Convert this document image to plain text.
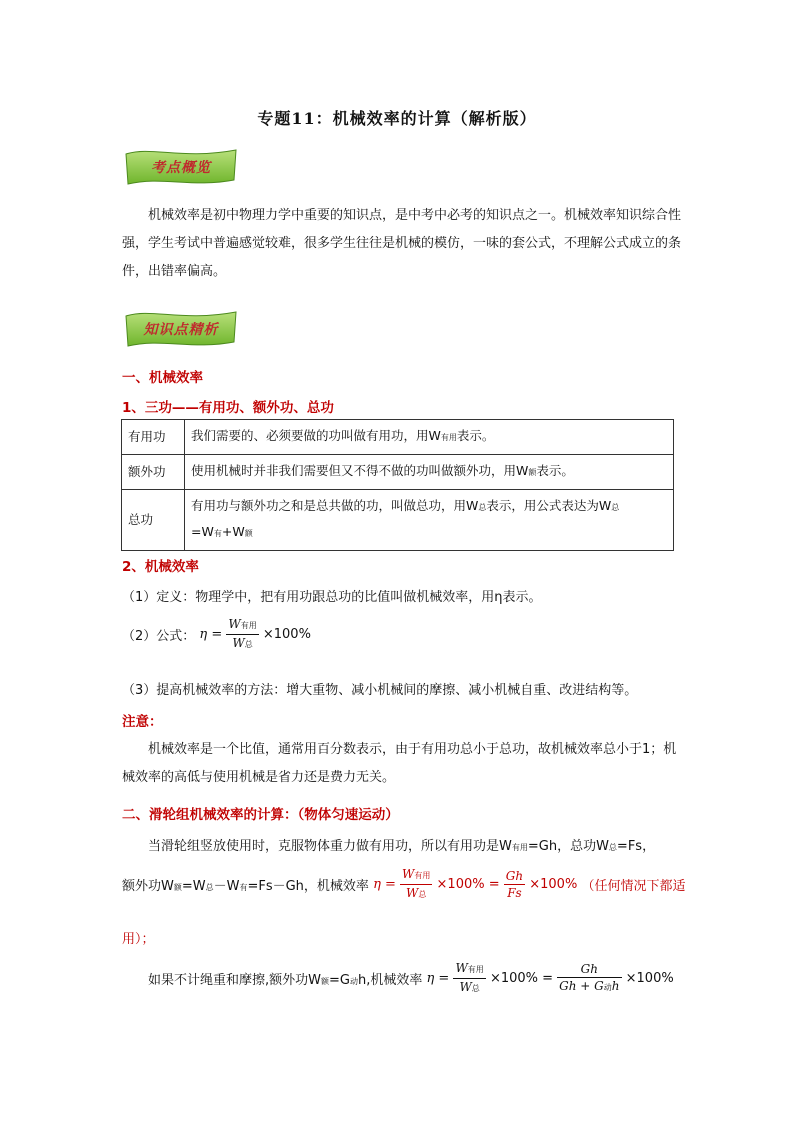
专题11：机械效率的计算（解析版）
考点概览

机械效率是初中物理力学中重要的知识点，是中考中必考的知识点之一。机械效率知识综合性强，学生考试中普遍感觉较难，很多学生往往是机械的模仿，一味的套公式，不理解公式成立的条件，出错率偏高。

知识点精析
一、机械效率
1、三功——有用功、额外功、总功
有用功	我们需要的、必须要做的功叫做有用功，用W有用表示。
额外功	使用机械时并非我们需要但又不得不做的功叫做额外功，用W额表示。
总功	有用功与额外功之和是总共做的功，叫做总功，用W总表示，用公式表达为W总
=W有+W额
2、机械效率
（1）定义：物理学中，把有用功跟总功的比值叫做机械效率，用η表示。
（2）公式： $\eta = \frac{\text{W有用}}{\text{W总}} \times 100\%$
（3）提高机械效率的方法：增大重物、减小机械间的摩擦、减小机械自重、改进结构等。
注意：

机械效率是一个比值，通常用百分数表示，由于有用功总小于总功，故机械效率总小于1；机械效率的高低与使用机械是省力还是费力无关。

二、滑轮组机械效率的计算：（物体匀速运动）
当滑轮组竖放使用时，克服物体重力做有用功，所以有用功是W有用=Gh，总功W总=Fs，
额外功W额=W总－W有=Fs－Gh，机械效率 $\eta = \frac{\text{W有用}}{\text{W总}} \times 100\% = \frac{Gh}{Fs} \times 100\%$ （任何情况下都适
用）；
如果不计绳重和摩擦,额外功W额=G动h,机械效率 $\eta = \frac{\text{W有用}}{\text{W总}} \times 100\% = \frac{Gh}{\text{Gh + G动h}} \times 100\%$
